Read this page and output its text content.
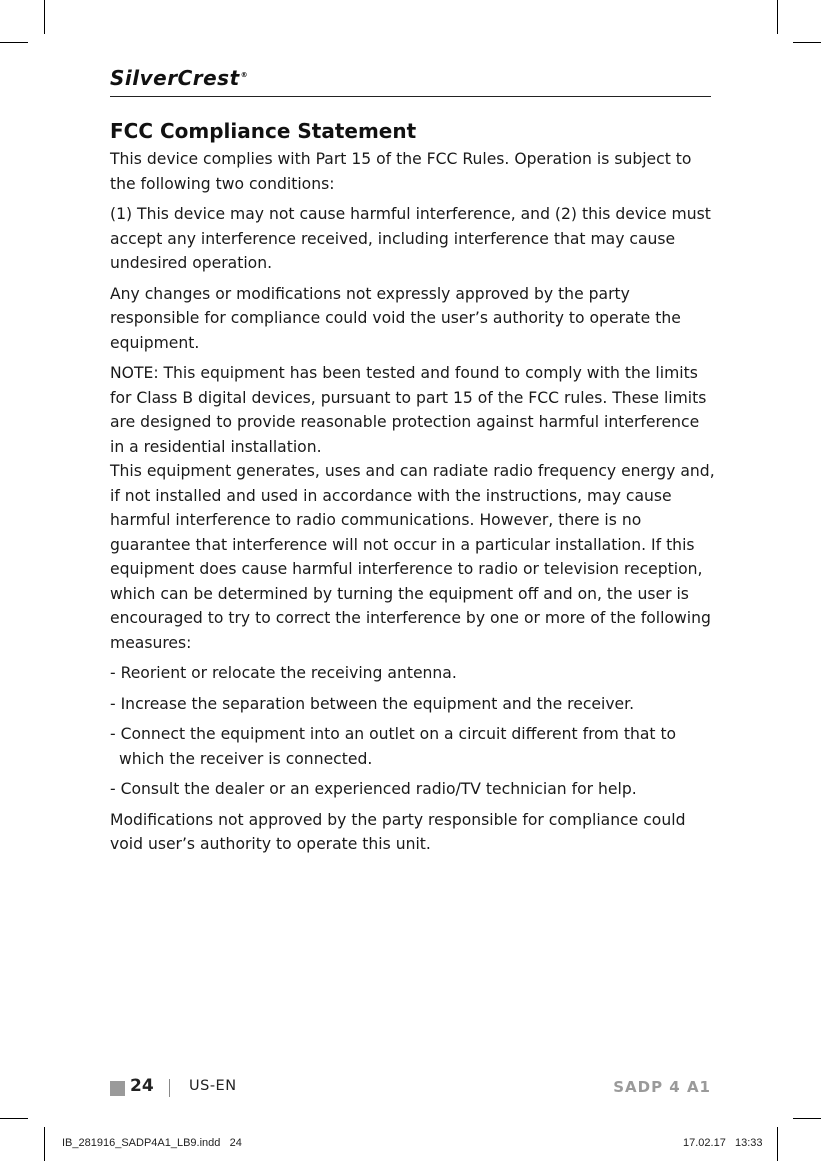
SilverCrest®
FCC Compliance Statement

This device complies with Part 15 of the FCC Rules. Operation is subject to the following two conditions:

(1) This device may not cause harmful interference, and (2) this device must accept any interference received, including interference that may cause undesired operation.

Any changes or modifications not expressly approved by the party responsible for compliance could void the user’s authority to operate the equipment.

NOTE: This equipment has been tested and found to comply with the limits for Class B digital devices, pursuant to part 15 of the FCC rules. These limits are designed to provide reasonable protection against harmful interference in a residential installation.

This equipment generates, uses and can radiate radio frequency energy and, if not installed and used in accordance with the instructions, may cause harmful interference to radio communications. However, there is no guarantee that interference will not occur in a particular installation. If this equipment does cause harmful interference to radio or television reception, which can be determined by turning the equipment off and on, the user is encouraged to try to correct the interference by one or more of the following measures:

- Reorient or relocate the receiving antenna.

- Increase the separation between the equipment and the receiver.

- Connect the equipment into an outlet on a circuit different from that to which the receiver is connected.

- Consult the dealer or an experienced radio/TV technician for help.

Modifications not approved by the party responsible for compliance could void user’s authority to operate this unit.

24 US-EN	SADP 4 A1
IB_281916_SADP4A1_LB9.indd   24	17.02.17   13:33
